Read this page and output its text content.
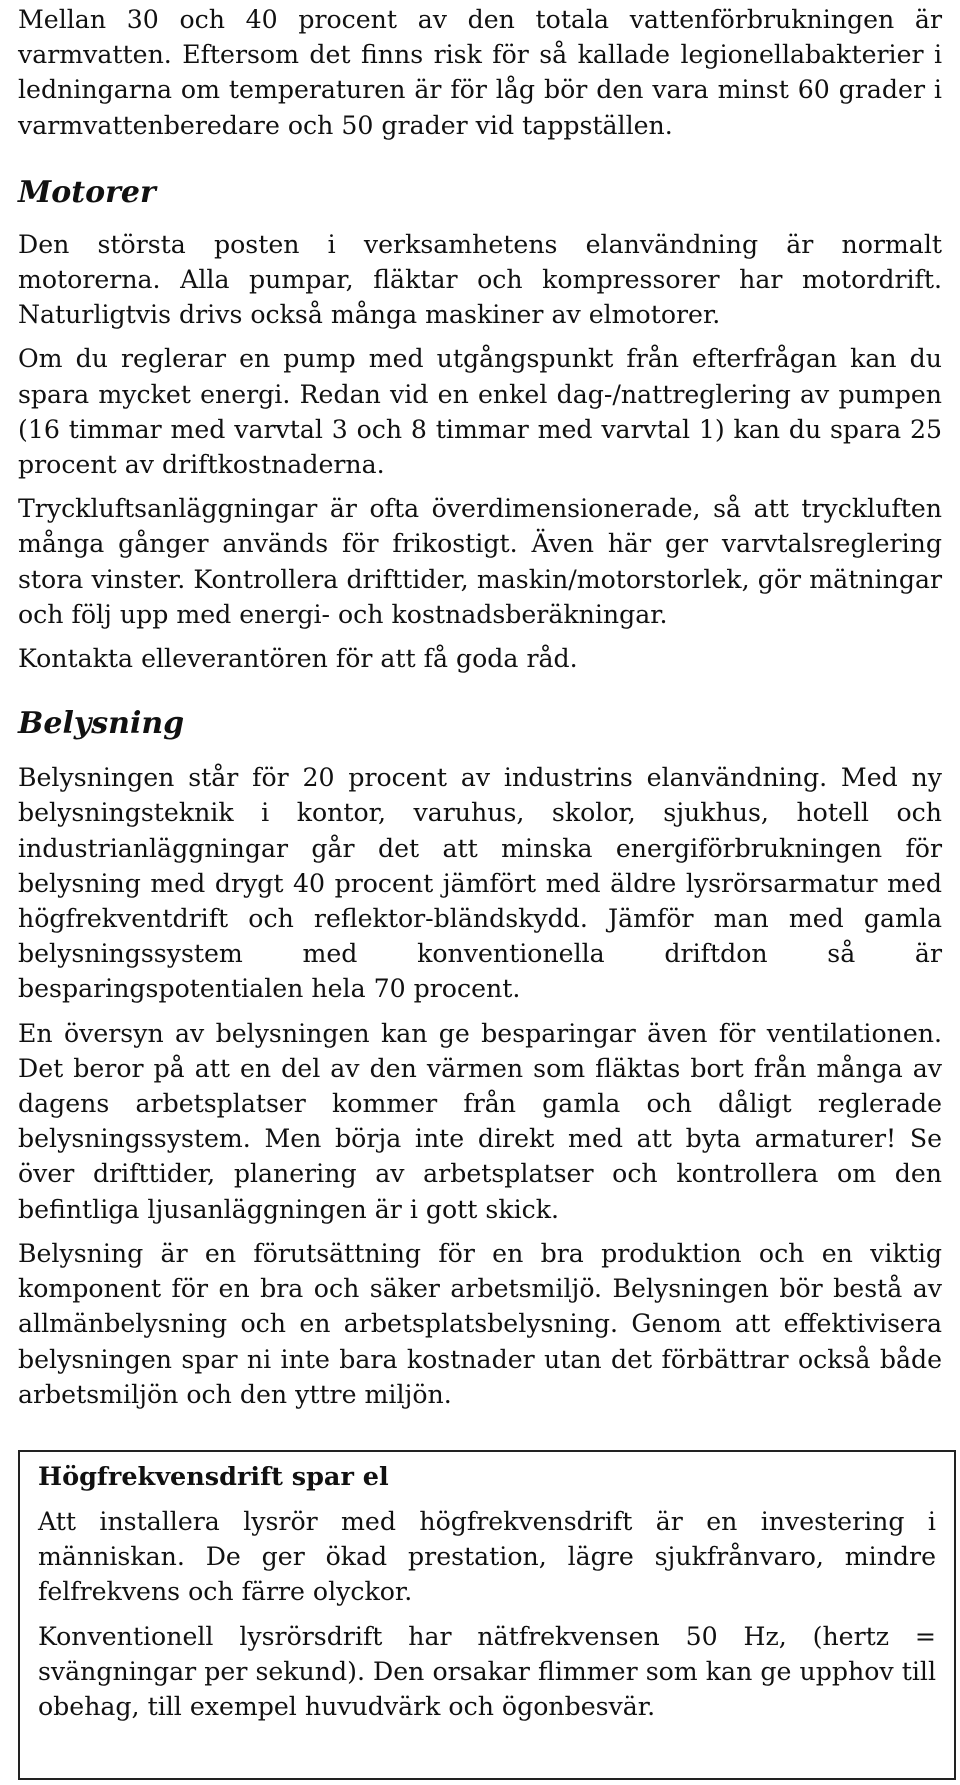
Mellan 30 och 40 procent av den totala vattenförbrukningen är varmvatten. Eftersom det finns risk för så kallade legionellabakterier i ledningarna om temperaturen är för låg bör den vara minst 60 grader i varmvattenberedare och 50 grader vid tappställen.

Motorer

Den största posten i verksamhetens elanvändning är normalt motorerna. Alla pumpar, fläktar och kompressorer har motordrift. Naturligtvis drivs också många maskiner av elmotorer.

Om du reglerar en pump med utgångspunkt från efterfrågan kan du spara mycket energi. Redan vid en enkel dag-/nattreglering av pumpen (16 timmar med varvtal 3 och 8 timmar med varvtal 1) kan du spara 25 procent av driftkostnaderna.

Tryckluftsanläggningar är ofta överdimensionerade, så att tryckluften många gånger används för frikostigt. Även här ger varvtalsreglering stora vinster. Kontrollera drifttider, maskin/motorstorlek, gör mätningar och följ upp med energi- och kostnadsberäkningar.

Kontakta elleverantören för att få goda råd.

Belysning

Belysningen står för 20 procent av industrins elanvändning. Med ny belysningsteknik i kontor, varuhus, skolor, sjukhus, hotell och industrianläggningar går det att minska energiförbrukningen för belysning med drygt 40 procent jämfört med äldre lysrörsarmatur med högfrekventdrift och reflektor-bländskydd. Jämför man med gamla belysningssystem med konventionella driftdon så är besparingspotentialen hela 70 procent.

En översyn av belysningen kan ge besparingar även för ventilationen. Det beror på att en del av den värmen som fläktas bort från många av dagens arbetsplatser kommer från gamla och dåligt reglerade belysningssystem. Men börja inte direkt med att byta armaturer! Se över drifttider, planering av arbetsplatser och kontrollera om den befintliga ljusanläggningen är i gott skick.

Belysning är en förutsättning för en bra produktion och en viktig komponent för en bra och säker arbetsmiljö. Belysningen bör bestå av allmänbelysning och en arbetsplatsbelysning. Genom att effektivisera belysningen spar ni inte bara kostnader utan det förbättrar också både arbetsmiljön och den yttre miljön.

Högfrekvensdrift spar el

Att installera lysrör med högfrekvensdrift är en investering i människan. De ger ökad prestation, lägre sjukfrånvaro, mindre felfrekvens och färre olyckor.

Konventionell lysrörsdrift har nätfrekvensen 50 Hz, (hertz = svängningar per sekund). Den orsakar flimmer som kan ge upphov till obehag, till exempel huvudvärk och ögonbesvär.
